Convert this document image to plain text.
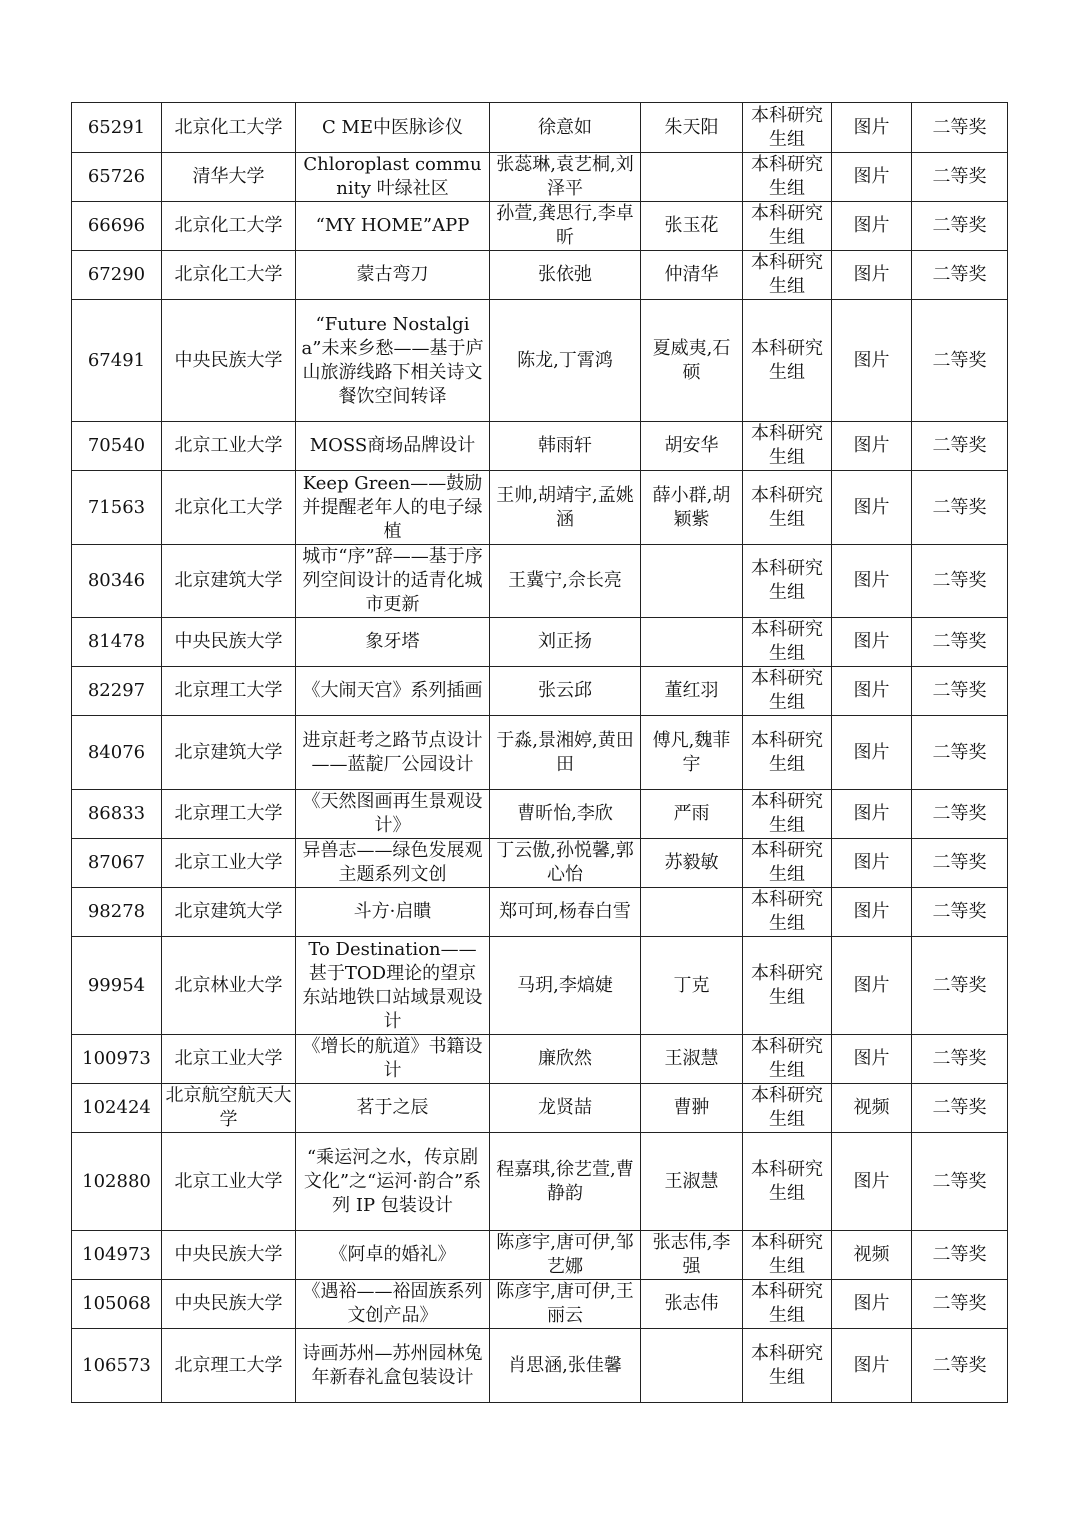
65291	北京化工大学	C ME中医脉诊仪	徐意如	朱天阳	本科研究生组	图片	二等奖
65726	清华大学	Chloroplast community 叶绿社区	张蕊琳,袁艺桐,刘泽平		本科研究生组	图片	二等奖
66696	北京化工大学	“MY HOME”APP	孙萱,龚思行,李卓昕	张玉花	本科研究生组	图片	二等奖
67290	北京化工大学	蒙古弯刀	张依弛	仲清华	本科研究生组	图片	二等奖
67491	中央民族大学	“Future Nostalgia”未来乡愁——基于庐山旅游线路下相关诗文餐饮空间转译	陈龙,丁霄鸿	夏威夷,石硕	本科研究生组	图片	二等奖
70540	北京工业大学	MOSS商场品牌设计	韩雨轩	胡安华	本科研究生组	图片	二等奖
71563	北京化工大学	Keep Green——鼓励并提醒老年人的电子绿植	王帅,胡靖宇,孟姚涵	薛小群,胡颖紫	本科研究生组	图片	二等奖
80346	北京建筑大学	城市“序”辞——基于序列空间设计的适青化城市更新	王冀宁,佘长亮		本科研究生组	图片	二等奖
81478	中央民族大学	象牙塔	刘正扬		本科研究生组	图片	二等奖
82297	北京理工大学	《大闹天宫》系列插画	张云邱	董红羽	本科研究生组	图片	二等奖
84076	北京建筑大学	进京赶考之路节点设计——蓝靛厂公园设计	于淼,景湘婷,黄田田	傅凡,魏菲宇	本科研究生组	图片	二等奖
86833	北京理工大学	《天然图画再生景观设计》	曹昕怡,李欣	严雨	本科研究生组	图片	二等奖
87067	北京工业大学	异兽志——绿色发展观主题系列文创	丁云傲,孙悦馨,郭心怡	苏毅敏	本科研究生组	图片	二等奖
98278	北京建筑大学	斗方·启瞶	郑可珂,杨春白雪		本科研究生组	图片	二等奖
99954	北京林业大学	To Destination——甚于TOD理论的望京东站地铁口站域景观设计	马玥,李熇婕	丁克	本科研究生组	图片	二等奖
100973	北京工业大学	《增长的航道》书籍设计	廉欣然	王淑慧	本科研究生组	图片	二等奖
102424	北京航空航天大学	茗于之辰	龙贤喆	曹翀	本科研究生组	视频	二等奖
102880	北京工业大学	“乘运河之水，传京剧文化”之“运河·韵合”系列 IP 包装设计	程嘉琪,徐艺萱,曹静韵	王淑慧	本科研究生组	图片	二等奖
104973	中央民族大学	《阿卓的婚礼》	陈彦宇,唐可伊,邹艺娜	张志伟,李强	本科研究生组	视频	二等奖
105068	中央民族大学	《遇裕——裕固族系列文创产品》	陈彦宇,唐可伊,王丽云	张志伟	本科研究生组	图片	二等奖
106573	北京理工大学	诗画苏州—苏州园林兔年新春礼盒包装设计	肖思涵,张佳馨		本科研究生组	图片	二等奖
